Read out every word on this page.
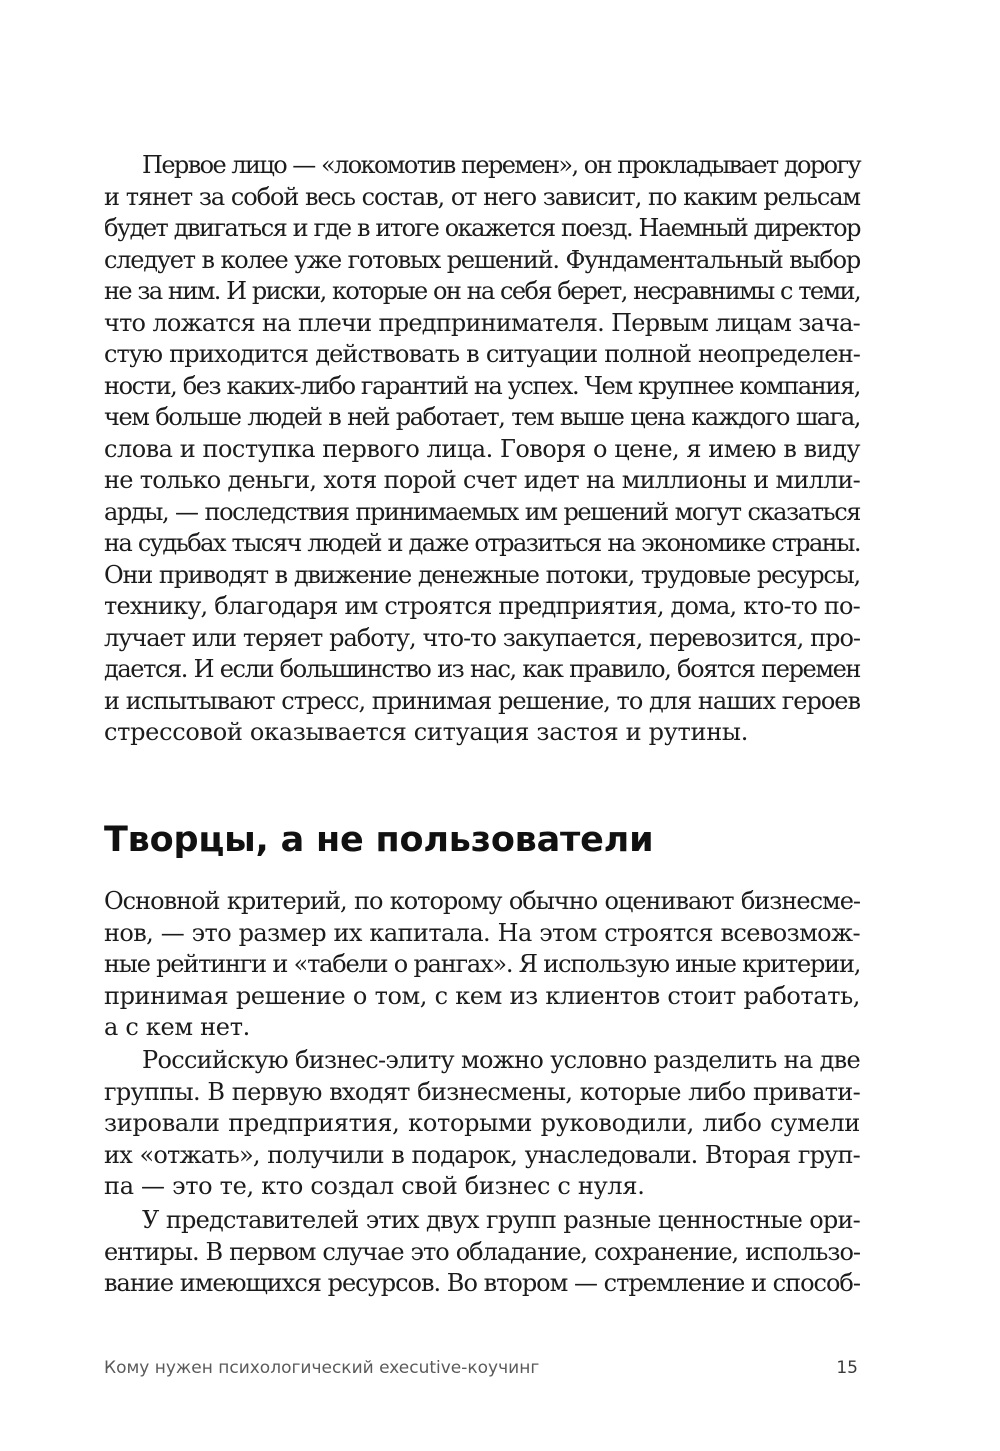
Первое лицо — «локомотив перемен», он прокладывает дорогу
и тянет за собой весь состав, от него зависит, по каким рельсам
будет двигаться и где в итоге окажется поезд. Наемный директор
следует в колее уже готовых решений. Фундаментальный выбор
не за ним. И риски, которые он на себя берет, несравнимы с теми,
что ложатся на плечи предпринимателя. Первым лицам зача-
стую приходится действовать в ситуации полной неопределен-
ности, без каких-либо гарантий на успех. Чем крупнее компания,
чем больше людей в ней работает, тем выше цена каждого шага,
слова и поступка первого лица. Говоря о цене, я имею в виду
не только деньги, хотя порой счет идет на миллионы и милли-
арды, — последствия принимаемых им решений могут сказаться
на судьбах тысяч людей и даже отразиться на экономике страны.
Они приводят в движение денежные потоки, трудовые ресурсы,
технику, благодаря им строятся предприятия, дома, кто-то по-
лучает или теряет работу, что-то закупается, перевозится, про-
дается. И если большинство из нас, как правило, боятся перемен
и испытывают стресс, принимая решение, то для наших героев
стрессовой оказывается ситуация застоя и рутины.
Творцы, а не пользователи
Основной критерий, по которому обычно оценивают бизнесме-
нов, — это размер их капитала. На этом строятся всевозмож-
ные рейтинги и «табели о рангах». Я использую иные критерии,
принимая решение о том, с кем из клиентов стоит работать,
а с кем нет.
Российскую бизнес-элиту можно условно разделить на две
группы. В первую входят бизнесмены, которые либо привати-
зировали предприятия, которыми руководили, либо сумели
их «отжать», получили в подарок, унаследовали. Вторая груп-
па — это те, кто создал свой бизнес с нуля.
У представителей этих двух групп разные ценностные ори-
ентиры. В первом случае это обладание, сохранение, использо-
вание имеющихся ресурсов. Во втором — стремление и способ-
Кому нужен психологический executive-коучинг	15
